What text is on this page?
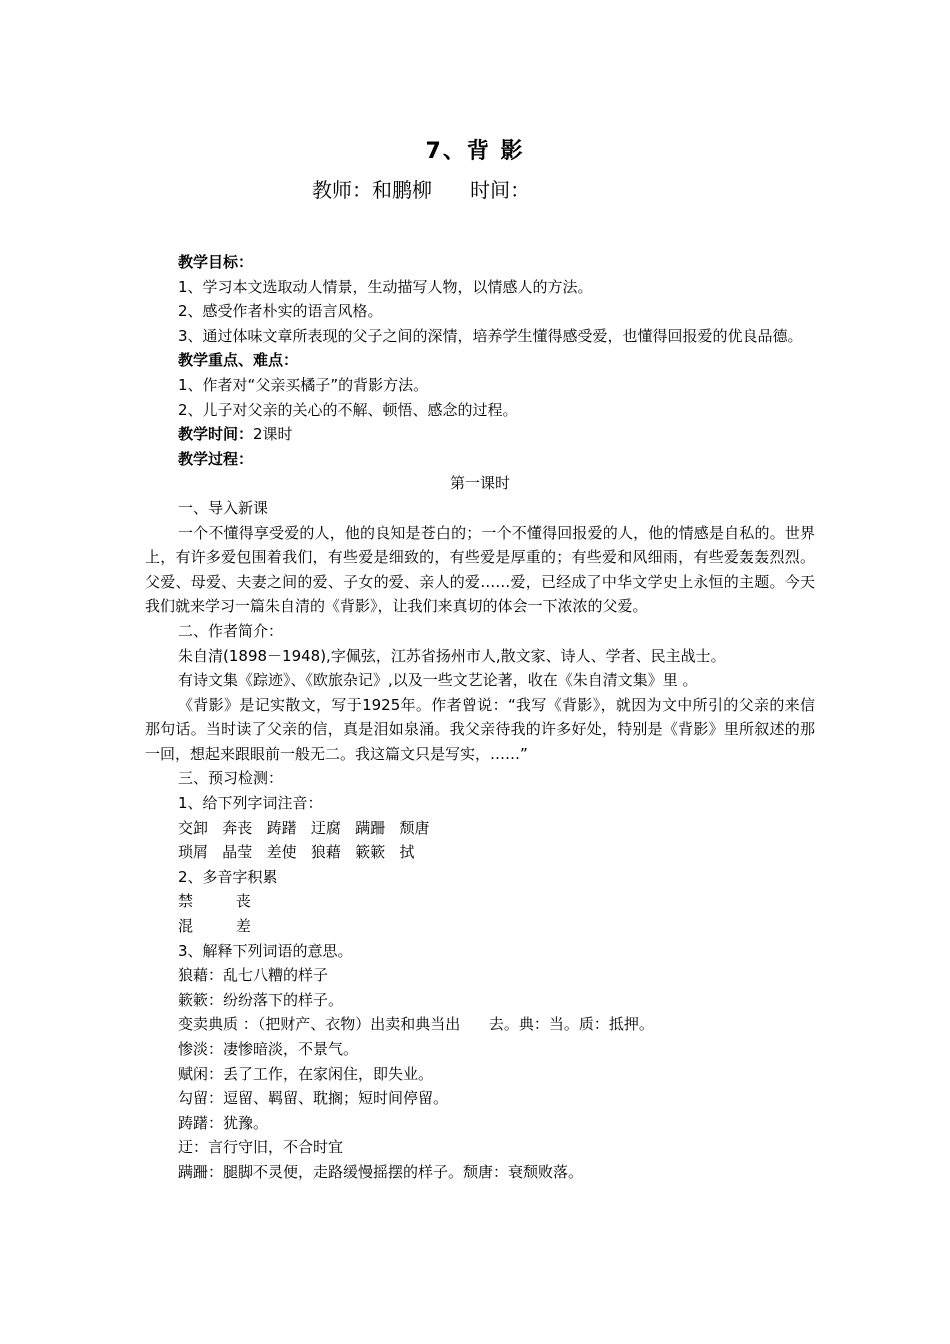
7、背 影
教师：和鹏柳      时间：
教学目标：
1、学习本文选取动人情景，生动描写人物，以情感人的方法。
2、感受作者朴实的语言风格。
3、通过体味文章所表现的父子之间的深情，培养学生懂得感受爱，也懂得回报爱的优良品德。
教学重点、难点：
1、作者对“父亲买橘子”的背影方法。
2、儿子对父亲的关心的不解、顿悟、感念的过程。
教学时间：2课时
教学过程：
第一课时
一、导入新课
一个不懂得享受爱的人，他的良知是苍白的；一个不懂得回报爱的人，他的情感是自私的。世界上，有许多爱包围着我们，有些爱是细致的，有些爱是厚重的；有些爱和风细雨，有些爱轰轰烈烈。父爱、母爱、夫妻之间的爱、子女的爱、亲人的爱……爱，已经成了中华文学史上永恒的主题。今天我们就来学习一篇朱自清的《背影》，让我们来真切的体会一下浓浓的父爱。
二、作者简介：
朱自清(1898－1948),字佩弦，江苏省扬州市人,散文家、诗人、学者、民主战士。
有诗文集《踪迹》、《欧旅杂记》,以及一些文艺论著，收在《朱自清文集》里 。
《背影》是记实散文，写于1925年。作者曾说：“我写《背影》，就因为文中所引的父亲的来信那句话。当时读了父亲的信，真是泪如泉涌。我父亲待我的许多好处，特别是《背影》里所叙述的那一回，想起来跟眼前一般无二。我这篇文只是写实，……”
三、预习检测：
1、给下列字词注音：
交卸   奔丧   踌躇   迂腐   蹒跚   颓唐
琐屑   晶莹   差使   狼藉   簌簌   拭
2、多音字积累
禁         丧
混         差
3、解释下列词语的意思。
狼藉：乱七八糟的样子
簌簌：纷纷落下的样子。
变卖典质 ：（把财产、衣物）出卖和典当出      去。典：当。质：抵押。
惨淡：凄惨暗淡，不景气。
赋闲：丢了工作，在家闲住，即失业。
勾留：逗留、羁留、耽搁；短时间停留。
踌躇：犹豫。
迂：言行守旧，不合时宜
蹒跚：腿脚不灵便，走路缓慢摇摆的样子。颓唐：衰颓败落。
